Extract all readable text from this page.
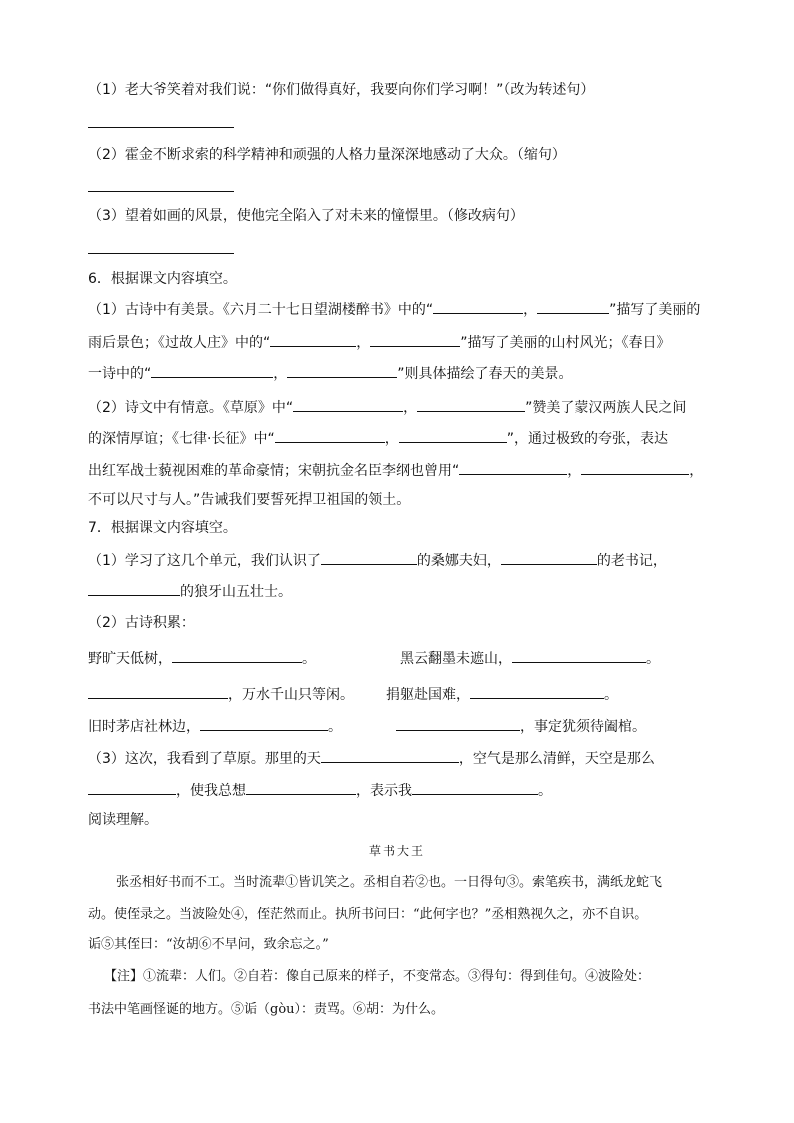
（1）老大爷笑着对我们说：“你们做得真好，我要向你们学习啊！”（改为转述句）
（2）霍金不断求索的科学精神和顽强的人格力量深深地感动了大众。（缩句）
（3）望着如画的风景，使他完全陷入了对未来的憧憬里。（修改病句）
6．根据课文内容填空。
（1）古诗中有美景。《六月二十七日望湖楼醉书》中的“	，	”描写了美丽的
雨后景色；《过故人庄》中的“	，	”描写了美丽的山村风光；《春日》
一诗中的“	，	”则具体描绘了春天的美景。
（2）诗文中有情意。《草原》中“	，	”赞美了蒙汉两族人民之间
的深情厚谊；《七律·长征》中“	，	”，通过极致的夸张，表达
出红军战士藐视困难的革命豪情；宋朝抗金名臣李纲也曾用“	，	，
不可以尺寸与人。”告诫我们要誓死捍卫祖国的领土。
7．根据课文内容填空。
（1）学习了这几个单元，我们认识了	的桑娜夫妇，	的老书记，
的狼牙山五壮士。
（2）古诗积累：
野旷天低树，	。	黑云翻墨未遮山，	。
，万水千山只等闲。 捐躯赴国难，	。
旧时茅店社林边，	。	，事定犹须待阖棺。
（3）这次，我看到了草原。那里的天	，空气是那么清鲜，天空是那么
，使我总想	，表示我	。
阅读理解。
草书大王
张丞相好书而不工。当时流辈①皆讥笑之。丞相自若②也。一日得句③。索笔疾书，满纸龙蛇飞
动。使侄录之。当波险处④，侄茫然而止。执所书问曰：“此何字也？”丞相熟视久之，亦不自识。
诟⑤其侄曰：“汝胡⑥不早问，致余忘之。”
【注】①流辈：人们。②自若：像自己原来的样子，不变常态。③得句：得到佳句。④波险处：
书法中笔画怪诞的地方。⑤诟（gòu）：责骂。⑥胡：为什么。
